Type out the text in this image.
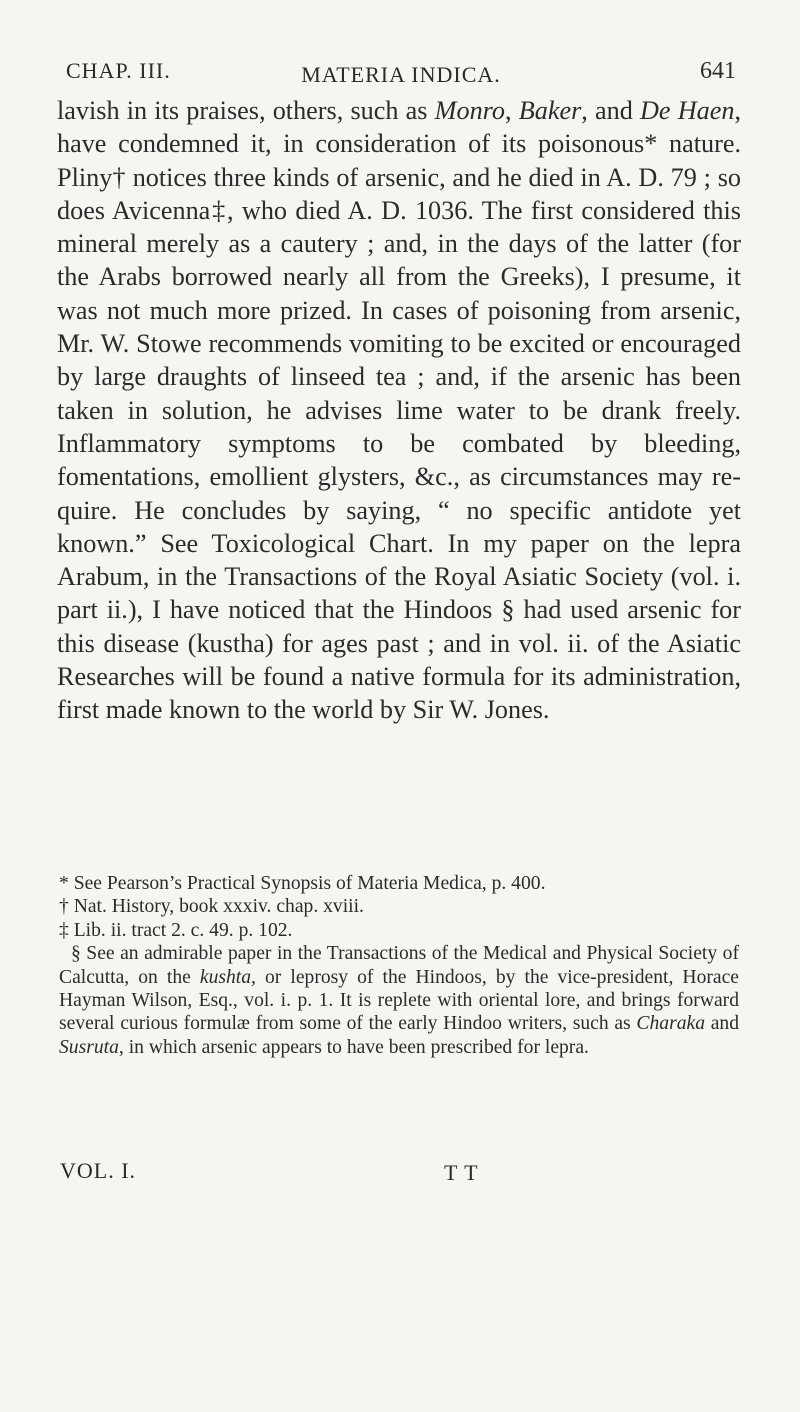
CHAP. III.	MATERIA INDICA.	641

lavish in its praises, others, such as Monro, Baker, and De Haen, have condemned it, in consideration of its poisonous* nature. Pliny† notices three kinds of arsenic, and he died in A. D. 79 ; so does Avicenna‡, who died A. D. 1036. The first considered this mineral merely as a cautery ; and, in the days of the latter (for the Arabs borrowed nearly all from the Greeks), I presume, it was not much more prized. In cases of poisoning from arsenic, Mr. W. Stowe recommends vomiting to be excited or encouraged by large draughts of linseed tea ; and, if the arsenic has been taken in solution, he advises lime water to be drank freely. Inflammatory symptoms to be combated by bleeding, fomentations, emollient glysters, &c., as circumstances may require. He concludes by saying, “ no specific antidote yet known.” See Toxicological Chart. In my paper on the lepra Arabum, in the Transactions of the Royal Asiatic Society (vol. i. part ii.), I have noticed that the Hindoos § had used arsenic for this disease (kustha) for ages past ; and in vol. ii. of the Asiatic Researches will be found a native formula for its administration, first made known to the world by Sir W. Jones.

* See Pearson’s Practical Synopsis of Materia Medica, p. 400.

† Nat. History, book xxxiv. chap. xviii.

‡ Lib. ii. tract 2. c. 49. p. 102.

§ See an admirable paper in the Transactions of the Medical and Physical Society of Calcutta, on the kushta, or leprosy of the Hindoos, by the vice-president, Horace Hayman Wilson, Esq., vol. i. p. 1. It is replete with oriental lore, and brings forward several curious formulæ from some of the early Hindoo writers, such as Charaka and Susruta, in which arsenic appears to have been prescribed for lepra.

VOL. I.	T T
